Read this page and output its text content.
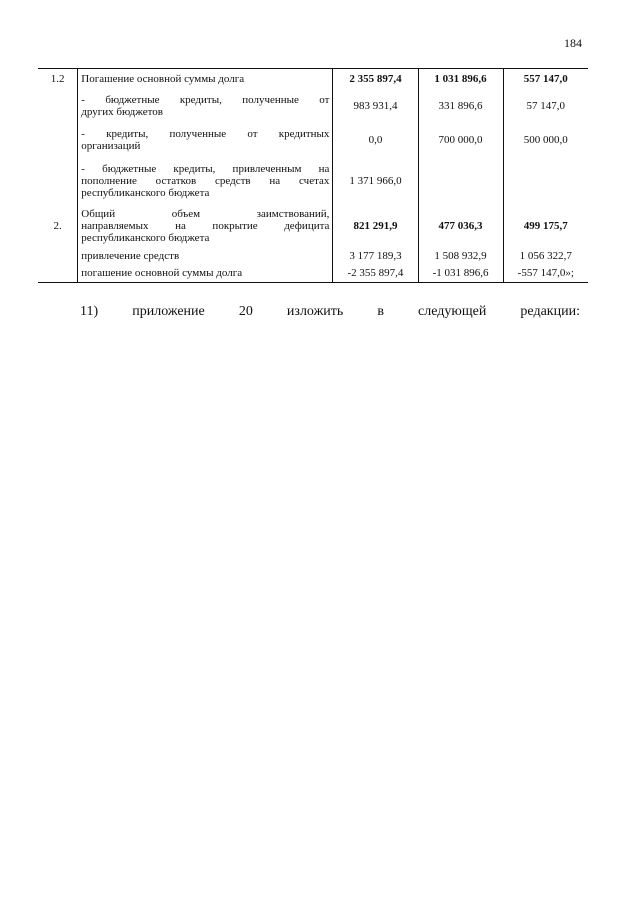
184
1.2	Погашение основной суммы долга	2 355 897,4	1 031 896,6	557 147,0

	- бюджетные кредиты, полученные от
других бюджетов	983 931,4	331 896,6	57 147,0

	- кредиты, полученные от кредитных
организаций	0,0	700 000,0	500 000,0

	- бюджетные кредиты, привлеченным на
пополнение остатков средств на счетах
республиканского бюджета	1 371 966,0		
2.	Общий объем заимствований,
направляемых на покрытие дефицита
республиканского бюджета	821 291,9	477 036,3	499 175,7

	привлечение средств	3 177 189,3	1 508 932,9	1 056 322,7

	погашение основной суммы долга	-2 355 897,4	-1 031 896,6	-557 147,0»;
11) приложение 20 изложить в следующей редакции:
